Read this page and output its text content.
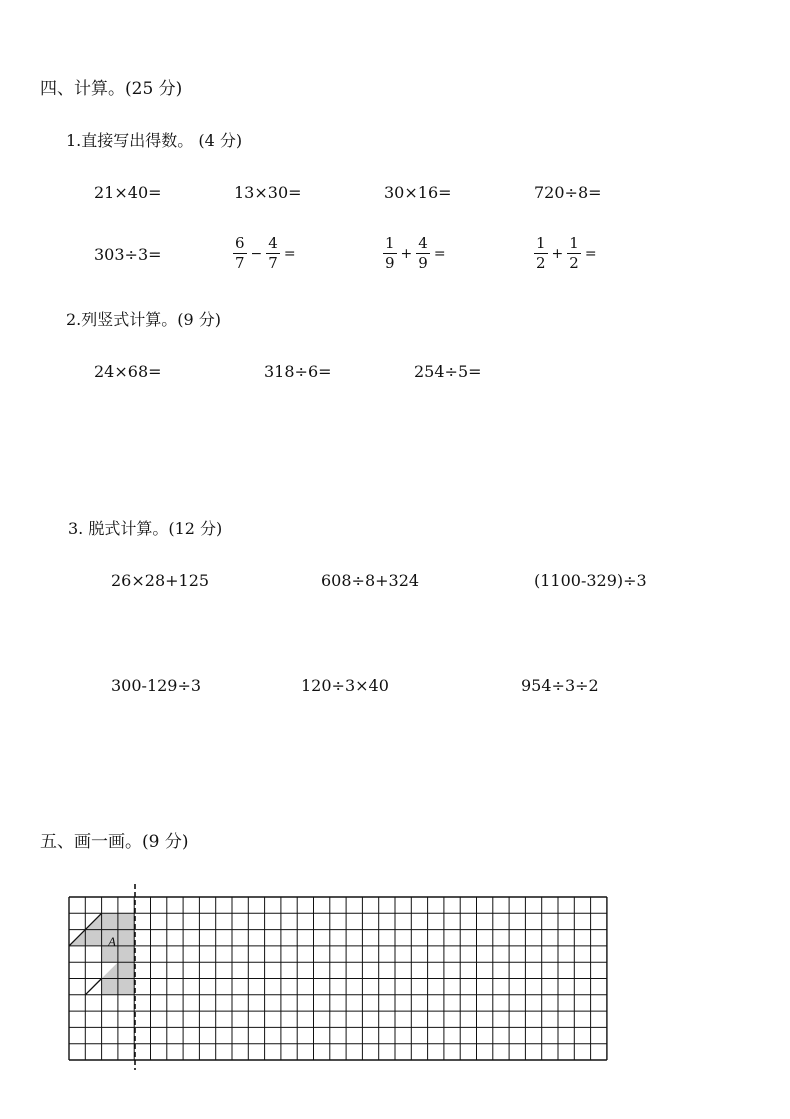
四、计算。(25 分)
1.直接写出得数。 (4 分)
21×40=	13×30=	30×16=	720÷8=
303÷3=	$\frac{6}{7} - \frac{4}{7}$ =	$\frac{1}{9} + \frac{4}{9}$ =	$\frac{1}{2} + \frac{1}{2}$ =
2.列竖式计算。(9 分)
24×68=	318÷6=	254÷5=
3. 脱式计算。(12 分)
26×28+125	608÷8+324	(1100-329)÷3
300-129÷3	120÷3×40	954÷3÷2
五、画一画。(9 分)
A
